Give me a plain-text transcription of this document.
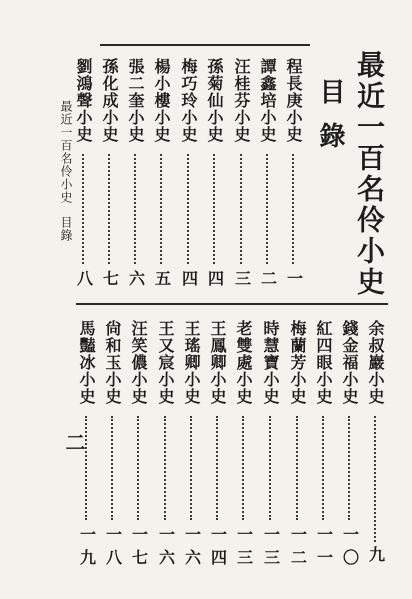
最近一百名伶小史
目錄
最近一百名伶小史
目錄
二
程長庚小史
一
譚鑫培小史
二
汪桂芬小史
三
孫菊仙小史
四
梅巧玲小史
四
楊小樓小史
五
張二奎小史
六
孫化成小史
七
劉鴻聲小史
八
余叔巖小史
九
錢金福小史
一〇
紅四眼小史
一一
梅蘭芳小史
一二
時慧寶小史
一三
老雙處小史
一三
王鳳卿小史
一四
王瑤卿小史
一六
王又宸小史
一六
汪笑儂小史
一七
尙和玉小史
一八
馬豔冰小史
一九
